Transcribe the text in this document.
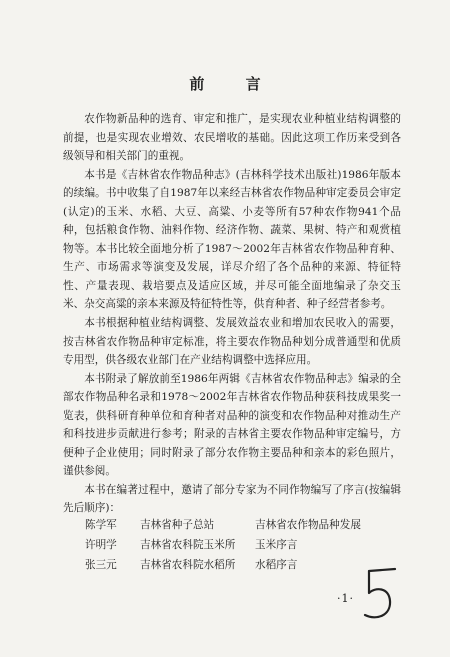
前 言

农作物新品种的选育、审定和推广，是实现农业种植业结构调整的前提，也是实现农业增效、农民增收的基础。因此这项工作历来受到各级领导和相关部门的重视。

本书是《吉林省农作物品种志》(吉林科学技术出版社)1986年版本的续编。书中收集了自1987年以来经吉林省农作物品种审定委员会审定(认定)的玉米、水稻、大豆、高粱、小麦等所有57种农作物941个品种，包括粮食作物、油料作物、经济作物、蔬菜、果树、特产和观赏植物等。本书比较全面地分析了1987～2002年吉林省农作物品种育种、生产、市场需求等演变及发展，详尽介绍了各个品种的来源、特征特性、产量表现、栽培要点及适应区域，并尽可能全面地编录了杂交玉米、杂交高粱的亲本来源及特征特性等，供育种者、种子经营者参考。

本书根据种植业结构调整、发展效益农业和增加农民收入的需要，按吉林省农作物品种审定标准，将主要农作物品种划分成普通型和优质专用型，供各级农业部门在产业结构调整中选择应用。

本书附录了解放前至1986年两辑《吉林省农作物品种志》编录的全部农作物品种名录和1978～2002年吉林省农作物品种获科技成果奖一览表，供科研育种单位和育种者对品种的演变和农作物品种对推动生产和科技进步贡献进行参考；附录的吉林省主要农作物品种审定编号，方便种子企业使用；同时附录了部分农作物主要品种和亲本的彩色照片，谨供参阅。

本书在编著过程中，邀请了部分专家为不同作物编写了序言(按编辑先后顺序)：

陈学军	吉林省种子总站	吉林省农作物品种发展
许明学	吉林省农科院玉米所	玉米序言
张三元	吉林省农科院水稻所	水稻序言
·1·
